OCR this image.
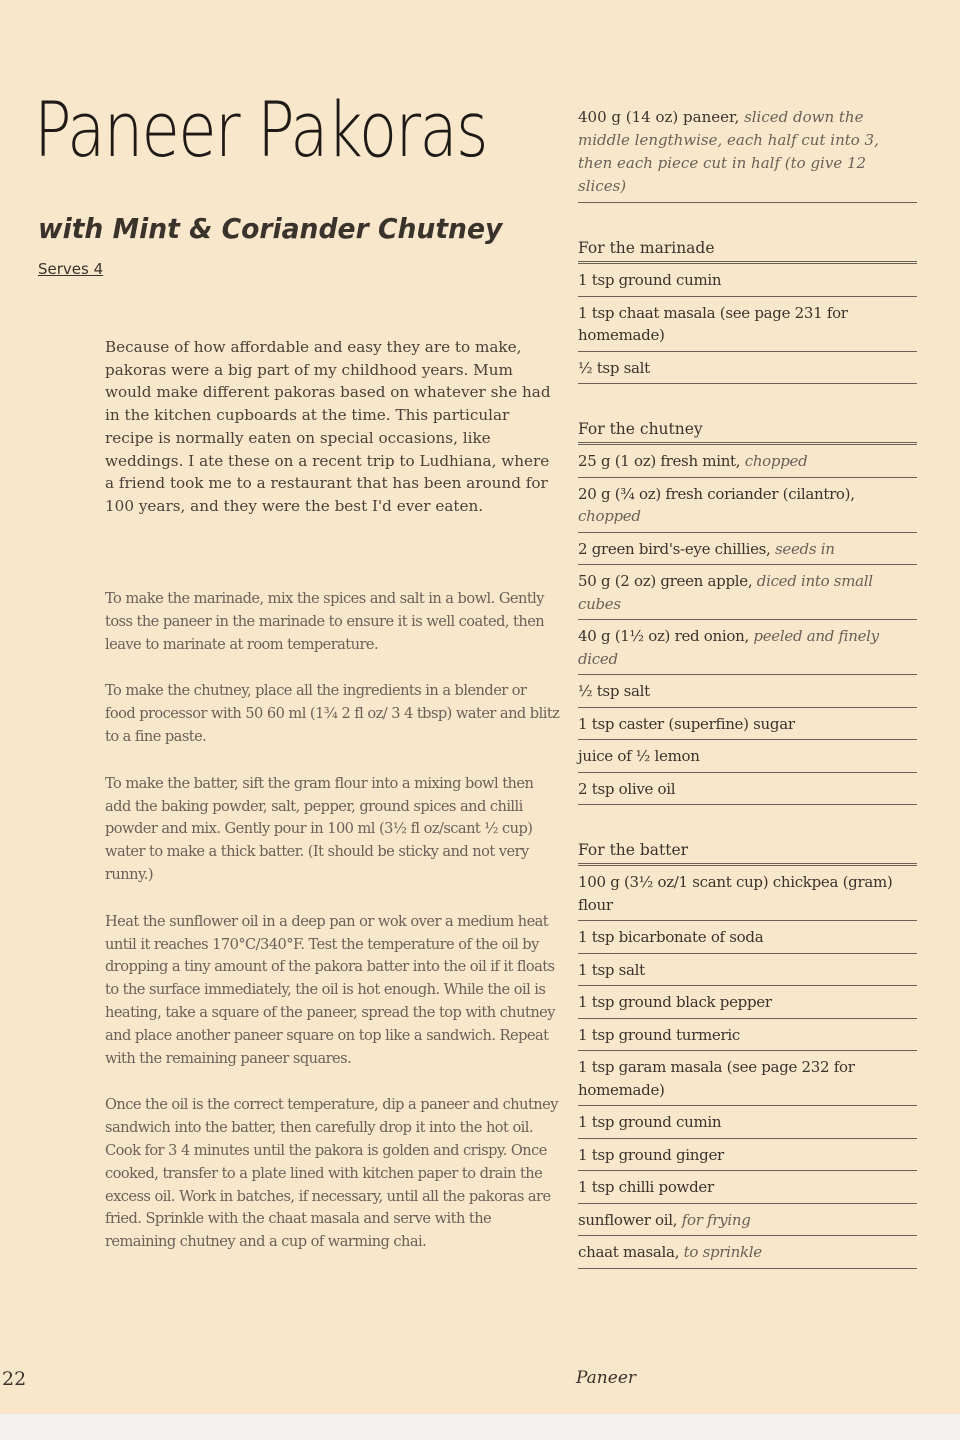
Paneer Pakoras
with Mint & Coriander Chutney
Serves 4

Because of how affordable and easy they are to make, pakoras were a big part of my childhood years. Mum would make different pakoras based on whatever she had in the kitchen cupboards at the time. This particular recipe is normally eaten on special occasions, like weddings. I ate these on a recent trip to Ludhiana, where a friend took me to a restaurant that has been around for 100 years, and they were the best I'd ever eaten.

To make the marinade, mix the spices and salt in a bowl. Gently toss the paneer in the marinade to ensure it is well coated, then leave to marinate at room temperature.

To make the chutney, place all the ingredients in a blender or food processor with 50 60 ml (1¾ 2 fl oz/ 3 4 tbsp) water and blitz to a fine paste.

To make the batter, sift the gram flour into a mixing bowl then add the baking powder, salt, pepper, ground spices and chilli powder and mix. Gently pour in 100 ml (3½ fl oz/scant ½ cup) water to make a thick batter. (It should be sticky and not very runny.)

Heat the sunflower oil in a deep pan or wok over a medium heat until it reaches 170°C/340°F. Test the temperature of the oil by dropping a tiny amount of the pakora batter into the oil if it floats to the surface immediately, the oil is hot enough. While the oil is heating, take a square of the paneer, spread the top with chutney and place another paneer square on top like a sandwich. Repeat with the remaining paneer squares.

Once the oil is the correct temperature, dip a paneer and chutney sandwich into the batter, then carefully drop it into the hot oil. Cook for 3 4 minutes until the pakora is golden and crispy. Once cooked, transfer to a plate lined with kitchen paper to drain the excess oil. Work in batches, if necessary, until all the pakoras are fried. Sprinkle with the chaat masala and serve with the remaining chutney and a cup of warming chai.

400 g (14 oz) paneer, sliced down the middle lengthwise, each half cut into 3, then each piece cut in half (to give 12 slices)
For the marinade
1 tsp ground cumin
1 tsp chaat masala (see page 231 for homemade)
½ tsp salt
For the chutney
25 g (1 oz) fresh mint, chopped
20 g (¾ oz) fresh coriander (cilantro), chopped
2 green bird's-eye chillies, seeds in
50 g (2 oz) green apple, diced into small cubes
40 g (1½ oz) red onion, peeled and finely diced
½ tsp salt
1 tsp caster (superfine) sugar
juice of ½ lemon
2 tsp olive oil
For the batter
100 g (3½ oz/1 scant cup) chickpea (gram) flour
1 tsp bicarbonate of soda
1 tsp salt
1 tsp ground black pepper
1 tsp ground turmeric
1 tsp garam masala (see page 232 for homemade)
1 tsp ground cumin
1 tsp ground ginger
1 tsp chilli powder
sunflower oil, for frying
chaat masala, to sprinkle
22	Paneer
